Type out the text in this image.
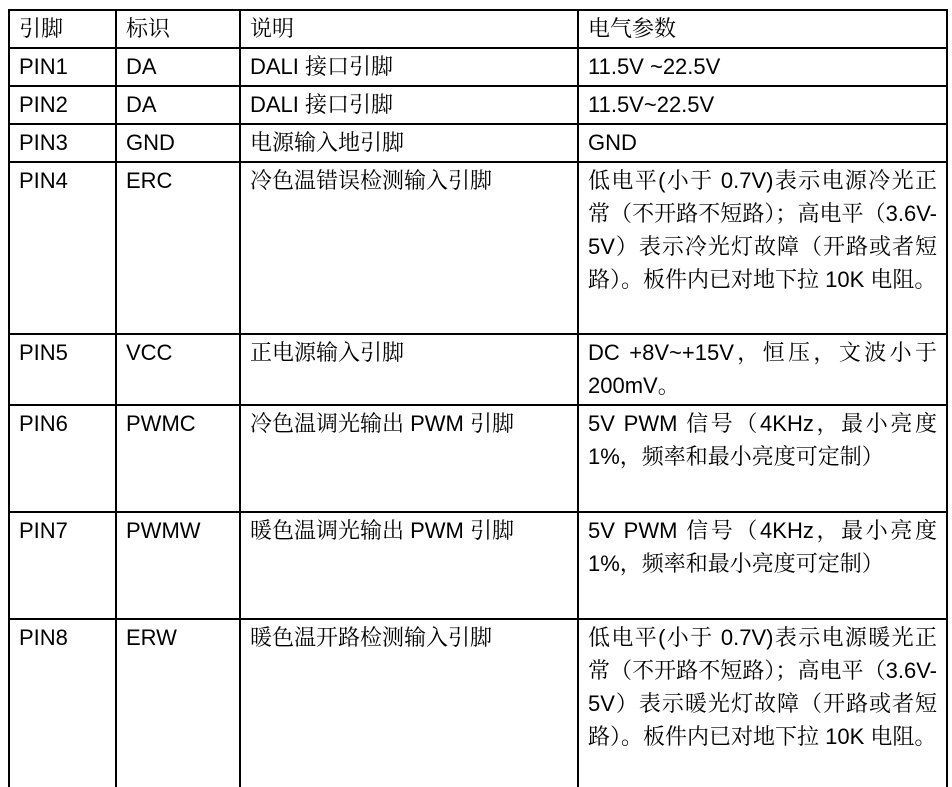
引脚	标识	说明	电气参数
PIN1	DA	DALI 接口引脚	11.5V ~22.5V
PIN2	DA	DALI 接口引脚	11.5V~22.5V
PIN3	GND	电源输入地引脚	GND
PIN4	ERC	冷色温错误检测输入引脚	低电平(小于 0.7V)表示电源冷光正常（不开路不短路）；高电平（3.6V-5V）表示冷光灯故障（开路或者短路）。板件内已对地下拉 10K 电阻。
PIN5	VCC	正电源输入引脚	DC +8V~+15V，恒压，文波小于 200mV。
PIN6	PWMC	冷色温调光输出 PWM 引脚	5V PWM 信号（4KHz，最小亮度 1%，频率和最小亮度可定制）
PIN7	PWMW	暖色温调光输出 PWM 引脚	5V PWM 信号（4KHz，最小亮度 1%，频率和最小亮度可定制）
PIN8	ERW	暖色温开路检测输入引脚	低电平(小于 0.7V)表示电源暖光正常（不开路不短路）；高电平（3.6V-5V）表示暖光灯故障（开路或者短路）。板件内已对地下拉 10K 电阻。
